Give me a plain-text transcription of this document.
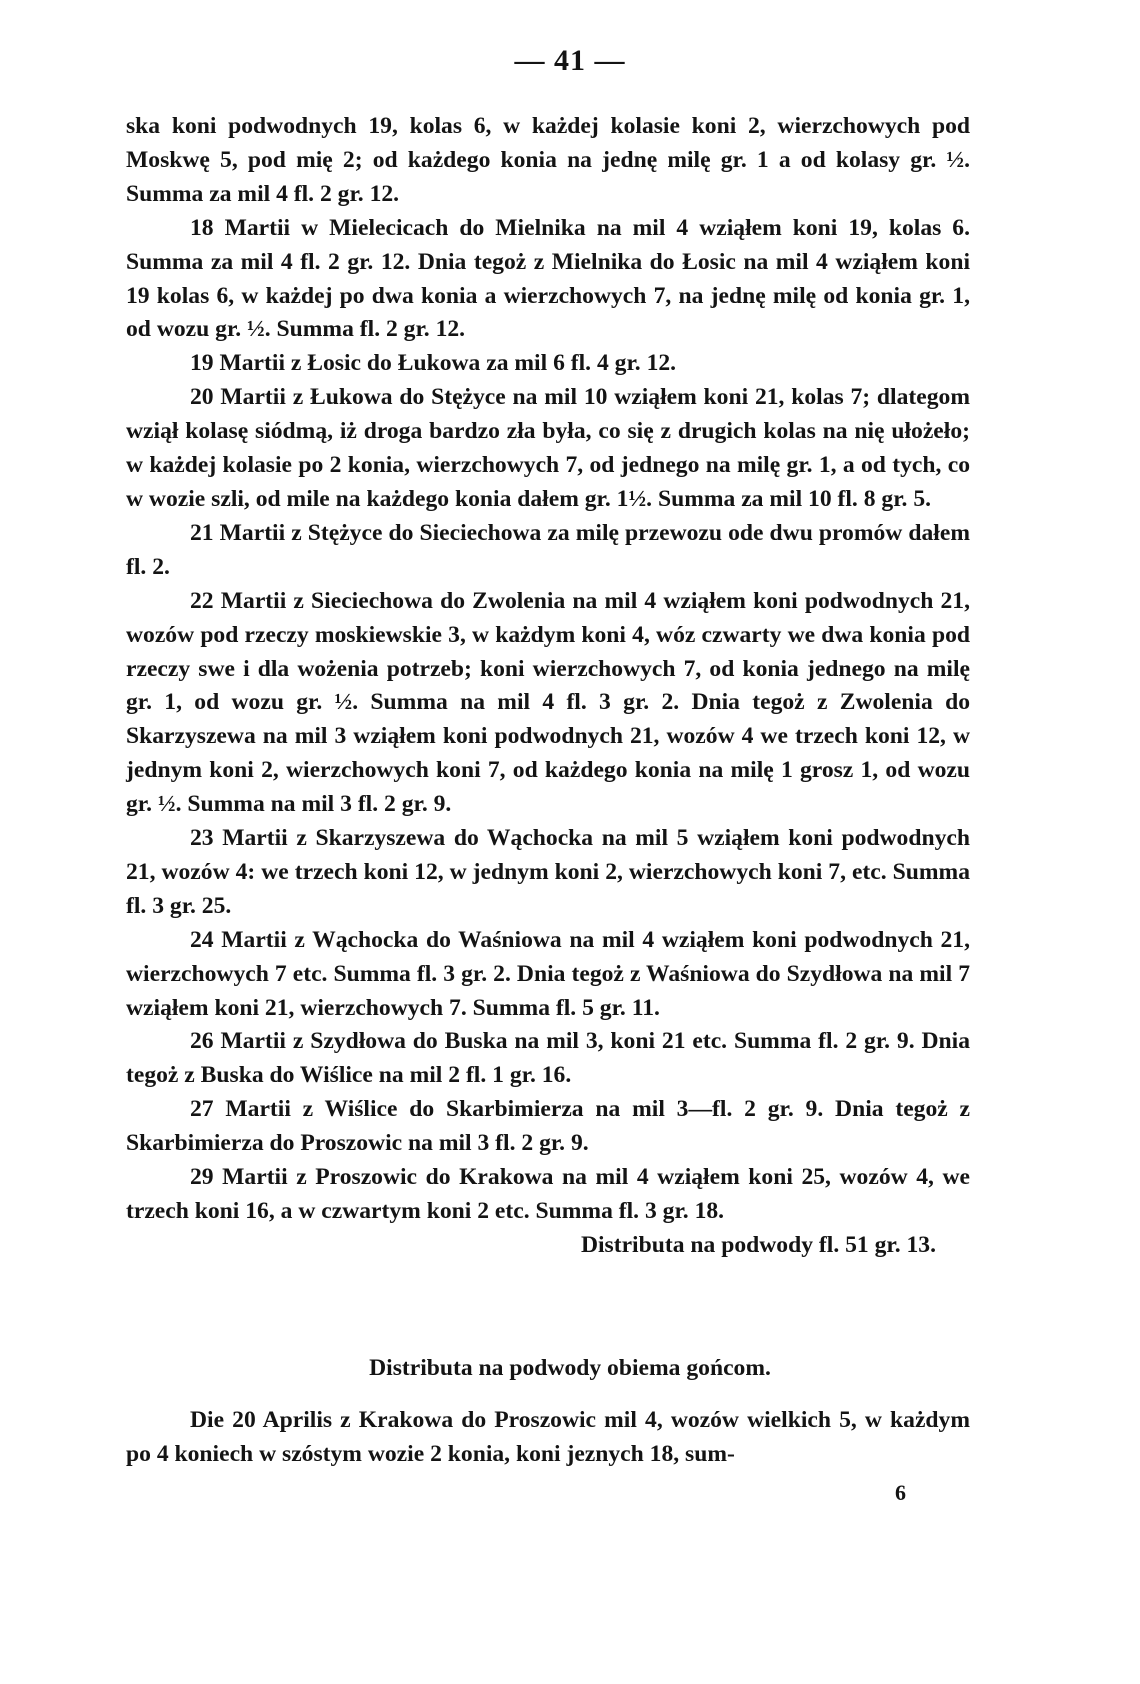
— 41 —

ska koni podwodnych 19, kolas 6, w każdej kolasie koni 2, wierzchowych pod Moskwę 5, pod mię 2; od każdego konia na jednę milę gr. 1 a od kolasy gr. ½. Summa za mil 4 fl. 2 gr. 12.

18 Martii w Mielecicach do Mielnika na mil 4 wziąłem koni 19, kolas 6. Summa za mil 4 fl. 2 gr. 12. Dnia tegoż z Mielnika do Łosic na mil 4 wziąłem koni 19 kolas 6, w każdej po dwa konia a wierzchowych 7, na jednę milę od konia gr. 1, od wozu gr. ½. Summa fl. 2 gr. 12.

19 Martii z Łosic do Łukowa za mil 6 fl. 4 gr. 12.

20 Martii z Łukowa do Stężyce na mil 10 wziąłem koni 21, kolas 7; dlategom wziął kolasę siódmą, iż droga bardzo zła była, co się z drugich kolas na nię ułożeło; w każdej kolasie po 2 konia, wierzchowych 7, od jednego na milę gr. 1, a od tych, co w wozie szli, od mile na każdego konia dałem gr. 1½. Summa za mil 10 fl. 8 gr. 5.

21 Martii z Stężyce do Sieciechowa za milę przewozu ode dwu promów dałem fl. 2.

22 Martii z Sieciechowa do Zwolenia na mil 4 wziąłem koni podwodnych 21, wozów pod rzeczy moskiewskie 3, w każdym koni 4, wóz czwarty we dwa konia pod rzeczy swe i dla wożenia potrzeb; koni wierzchowych 7, od konia jednego na milę gr. 1, od wozu gr. ½. Summa na mil 4 fl. 3 gr. 2. Dnia tegoż z Zwolenia do Skarzyszewa na mil 3 wziąłem koni podwodnych 21, wozów 4 we trzech koni 12, w jednym koni 2, wierzchowych koni 7, od każdego konia na milę 1 grosz 1, od wozu gr. ½. Summa na mil 3 fl. 2 gr. 9.

23 Martii z Skarzyszewa do Wąchocka na mil 5 wziąłem koni podwodnych 21, wozów 4: we trzech koni 12, w jednym koni 2, wierzchowych koni 7, etc. Summa fl. 3 gr. 25.

24 Martii z Wąchocka do Waśniowa na mil 4 wziąłem koni podwodnych 21, wierzchowych 7 etc. Summa fl. 3 gr. 2. Dnia tegoż z Waśniowa do Szydłowa na mil 7 wziąłem koni 21, wierzchowych 7. Summa fl. 5 gr. 11.

26 Martii z Szydłowa do Buska na mil 3, koni 21 etc. Summa fl. 2 gr. 9. Dnia tegoż z Buska do Wiślice na mil 2 fl. 1 gr. 16.

27 Martii z Wiślice do Skarbimierza na mil 3—fl. 2 gr. 9. Dnia tegoż z Skarbimierza do Proszowic na mil 3 fl. 2 gr. 9.

29 Martii z Proszowic do Krakowa na mil 4 wziąłem koni 25, wozów 4, we trzech koni 16, a w czwartym koni 2 etc. Summa fl. 3 gr. 18.

Distributa na podwody fl. 51 gr. 13.

Distributa na podwody obiema gońcom.

Die 20 Aprilis z Krakowa do Proszowic mil 4, wozów wielkich 5, w każdym po 4 koniech w szóstym wozie 2 konia, koni jeznych 18, sum-

6
